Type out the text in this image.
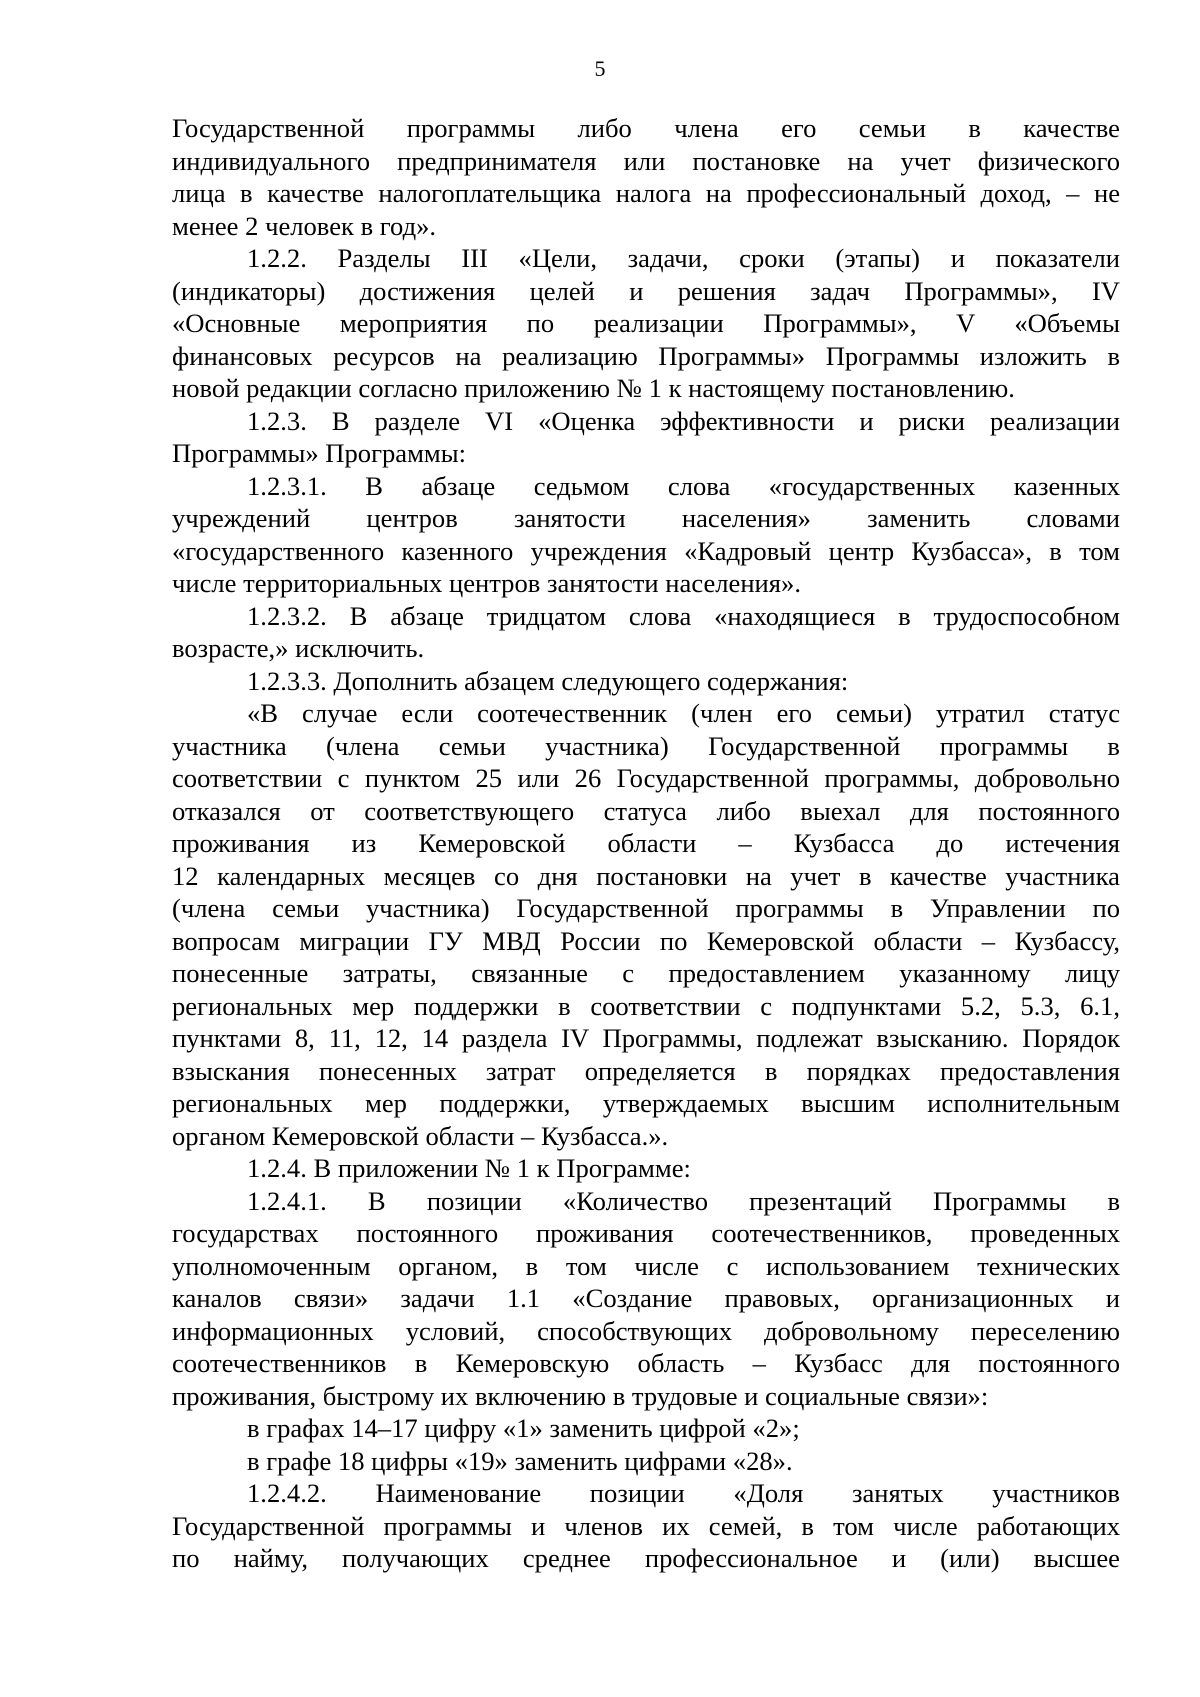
5
Государственной программы либо члена его семьи в качестве
индивидуального предпринимателя или постановке на учет физического
лица в качестве налогоплательщика налога на профессиональный доход, – не
менее 2 человек в год».
1.2.2. Разделы III «Цели, задачи, сроки (этапы) и показатели
(индикаторы) достижения целей и решения задач Программы», IV
«Основные мероприятия по реализации Программы», V «Объемы
финансовых ресурсов на реализацию Программы» Программы изложить в
новой редакции согласно приложению № 1 к настоящему постановлению.
1.2.3. В разделе VI «Оценка эффективности и риски реализации
Программы» Программы:
1.2.3.1. В абзаце седьмом слова «государственных казенных
учреждений центров занятости населения» заменить словами
«государственного казенного учреждения «Кадровый центр Кузбасса», в том
числе территориальных центров занятости населения».
1.2.3.2. В абзаце тридцатом слова «находящиеся в трудоспособном
возрасте,» исключить.
1.2.3.3. Дополнить абзацем следующего содержания:
«В случае если соотечественник (член его семьи) утратил статус
участника (члена семьи участника) Государственной программы в
соответствии с пунктом 25 или 26 Государственной программы, добровольно
отказался от соответствующего статуса либо выехал для постоянного
проживания из Кемеровской области – Кузбасса до истечения
12 календарных месяцев со дня постановки на учет в качестве участника
(члена семьи участника) Государственной программы в Управлении по
вопросам миграции ГУ МВД России по Кемеровской области – Кузбассу,
понесенные затраты, связанные с предоставлением указанному лицу
региональных мер поддержки в соответствии с подпунктами 5.2, 5.3, 6.1,
пунктами 8, 11, 12, 14 раздела IV Программы, подлежат взысканию. Порядок
взыскания понесенных затрат определяется в порядках предоставления
региональных мер поддержки, утверждаемых высшим исполнительным
органом Кемеровской области – Кузбасса.».
1.2.4. В приложении № 1 к Программе:
1.2.4.1. В позиции «Количество презентаций Программы в
государствах постоянного проживания соотечественников, проведенных
уполномоченным органом, в том числе с использованием технических
каналов связи» задачи 1.1 «Создание правовых, организационных и
информационных условий, способствующих добровольному переселению
соотечественников в Кемеровскую область – Кузбасс для постоянного
проживания, быстрому их включению в трудовые и социальные связи»:
в графах 14–17 цифру «1» заменить цифрой «2»;
в графе 18 цифры «19» заменить цифрами «28».
1.2.4.2. Наименование позиции «Доля занятых участников
Государственной программы и членов их семей, в том числе работающих
по найму, получающих среднее профессиональное и (или) высшее
